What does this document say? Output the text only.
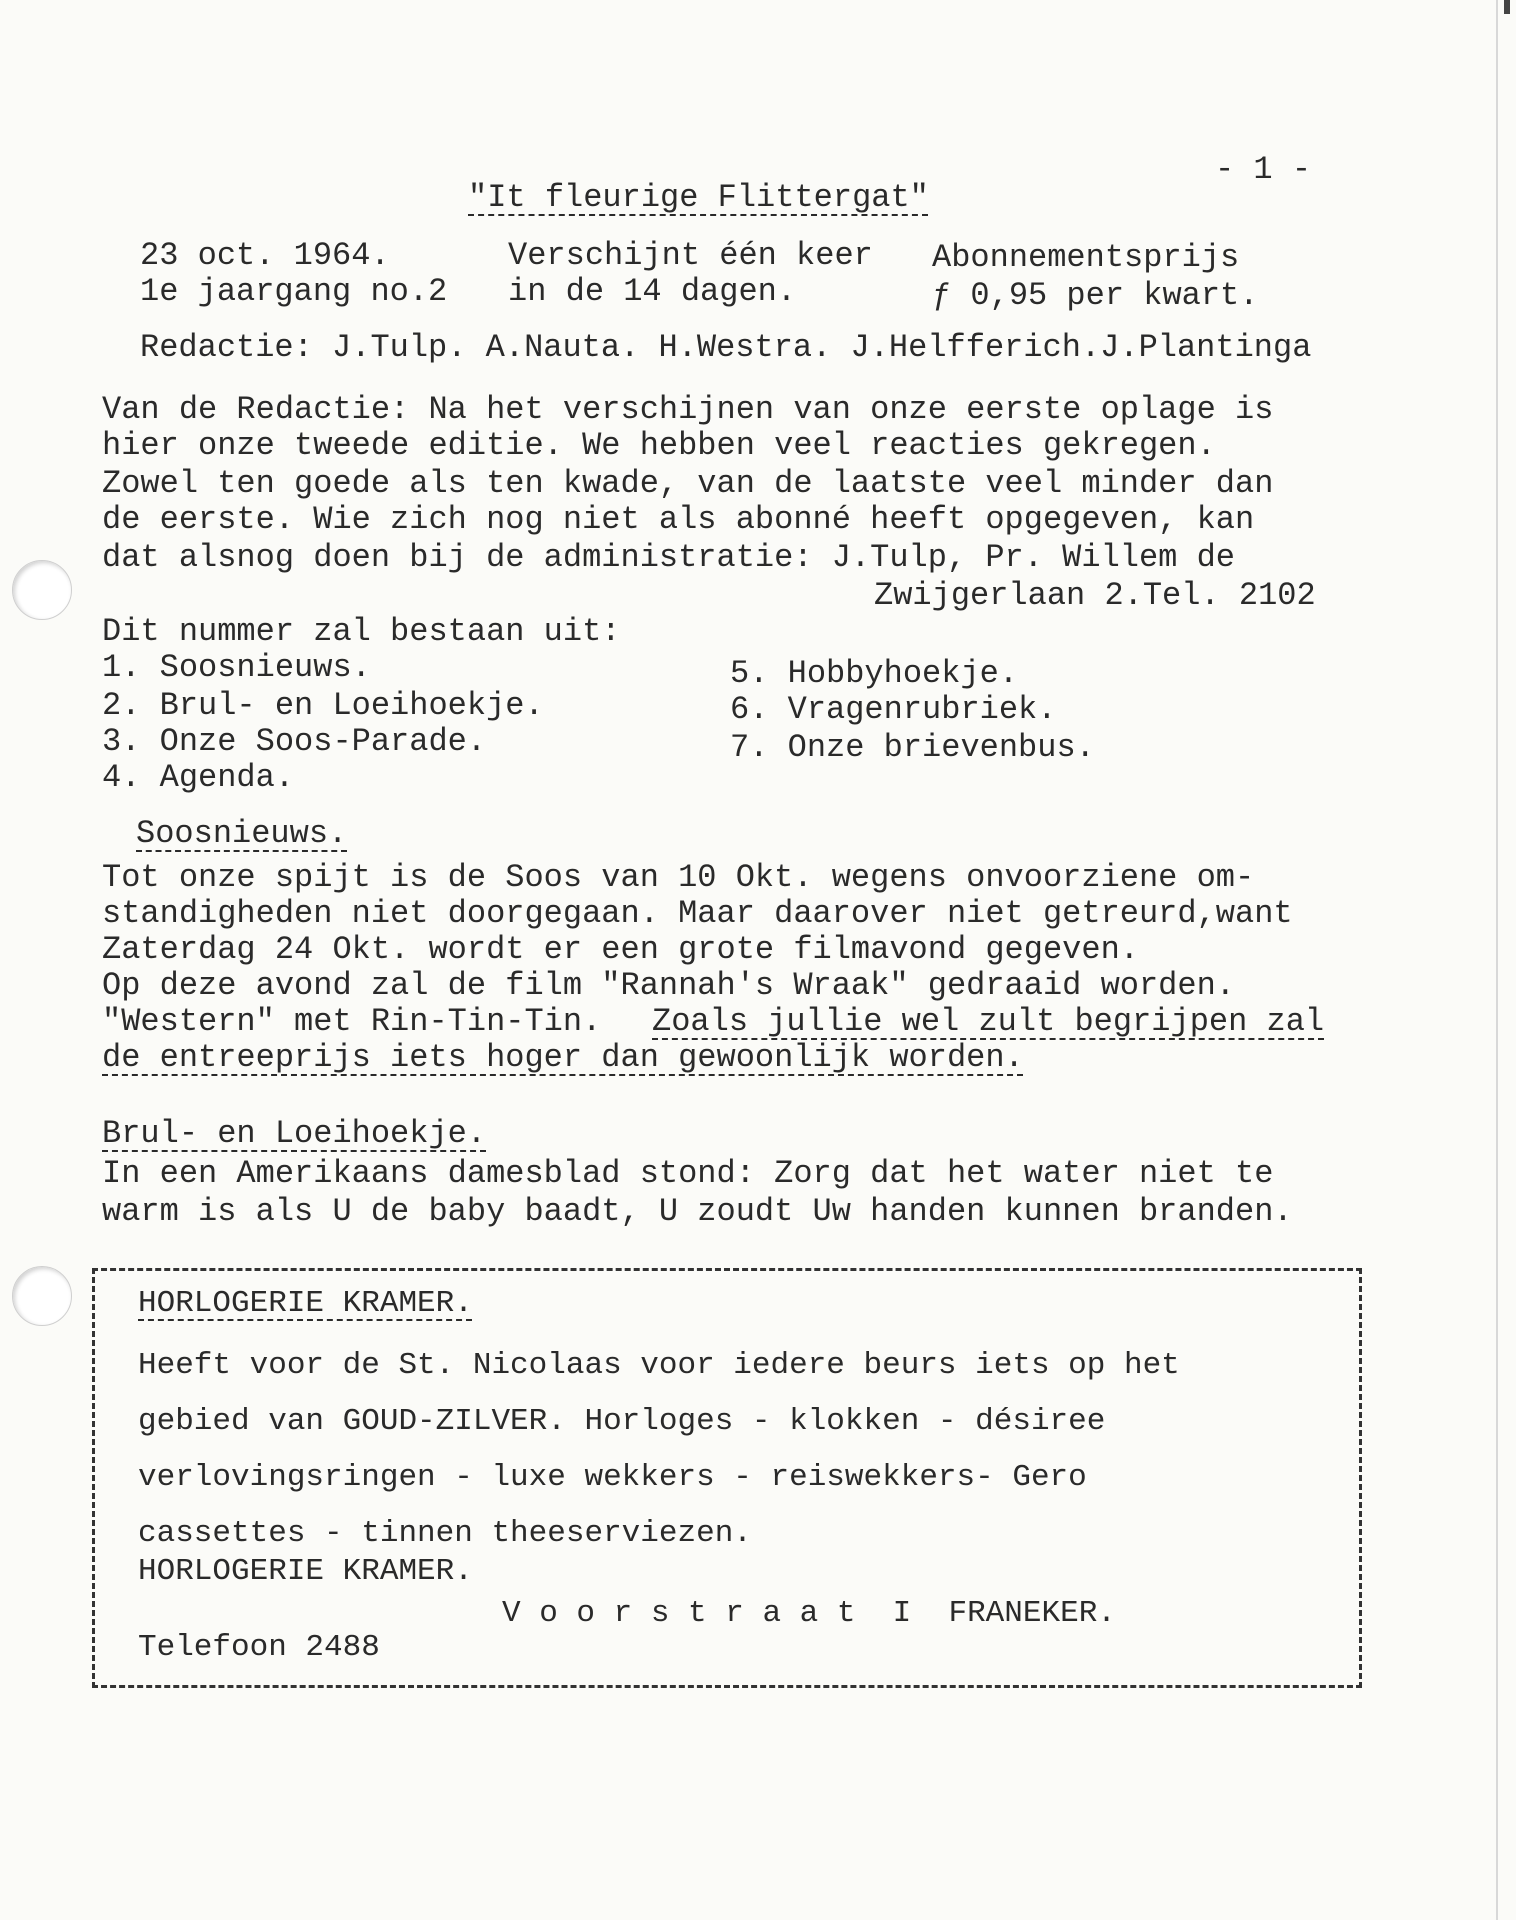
- 1 -
"It fleurige Flittergat"
23 oct. 1964.
1e jaargang no.2
Verschijnt één keer
in de 14 dagen.
Abonnementsprijs
ƒ 0,95 per kwart.
Redactie: J.Tulp. A.Nauta. H.Westra. J.Helfferich.J.Plantinga
Van de Redactie: Na het verschijnen van onze eerste oplage is
hier onze tweede editie. We hebben veel reacties gekregen.
Zowel ten goede als ten kwade, van de laatste veel minder dan
de eerste. Wie zich nog niet als abonné heeft opgegeven, kan
dat alsnog doen bij de administratie: J.Tulp, Pr. Willem de
Zwijgerlaan 2.Tel. 2102
Dit nummer zal bestaan uit:
1. Soosnieuws.
2. Brul- en Loeihoekje.
3. Onze Soos-Parade.
4. Agenda.
5. Hobbyhoekje.
6. Vragenrubriek.
7. Onze brievenbus.
Soosnieuws.
Tot onze spijt is de Soos van 10 Okt. wegens onvoorziene om-
standigheden niet doorgegaan. Maar daarover niet getreurd,want
Zaterdag 24 Okt. wordt er een grote filmavond gegeven.
Op deze avond zal de film "Rannah's Wraak" gedraaid worden.
"Western" met Rin-Tin-Tin. Zoals jullie wel zult begrijpen zal
de entreeprijs iets hoger dan gewoonlijk worden.
Brul- en Loeihoekje.
In een Amerikaans damesblad stond: Zorg dat het water niet te
warm is als U de baby baadt, U zoudt Uw handen kunnen branden.
HORLOGERIE KRAMER.
Heeft voor de St. Nicolaas voor iedere beurs iets op het
gebied van GOUD-ZILVER. Horloges - klokken - désiree
verlovingsringen - luxe wekkers - reiswekkers- Gero
cassettes - tinnen theeserviezen.
HORLOGERIE KRAMER.
V o o r s t r a a t  I  FRANEKER.
Telefoon 2488
